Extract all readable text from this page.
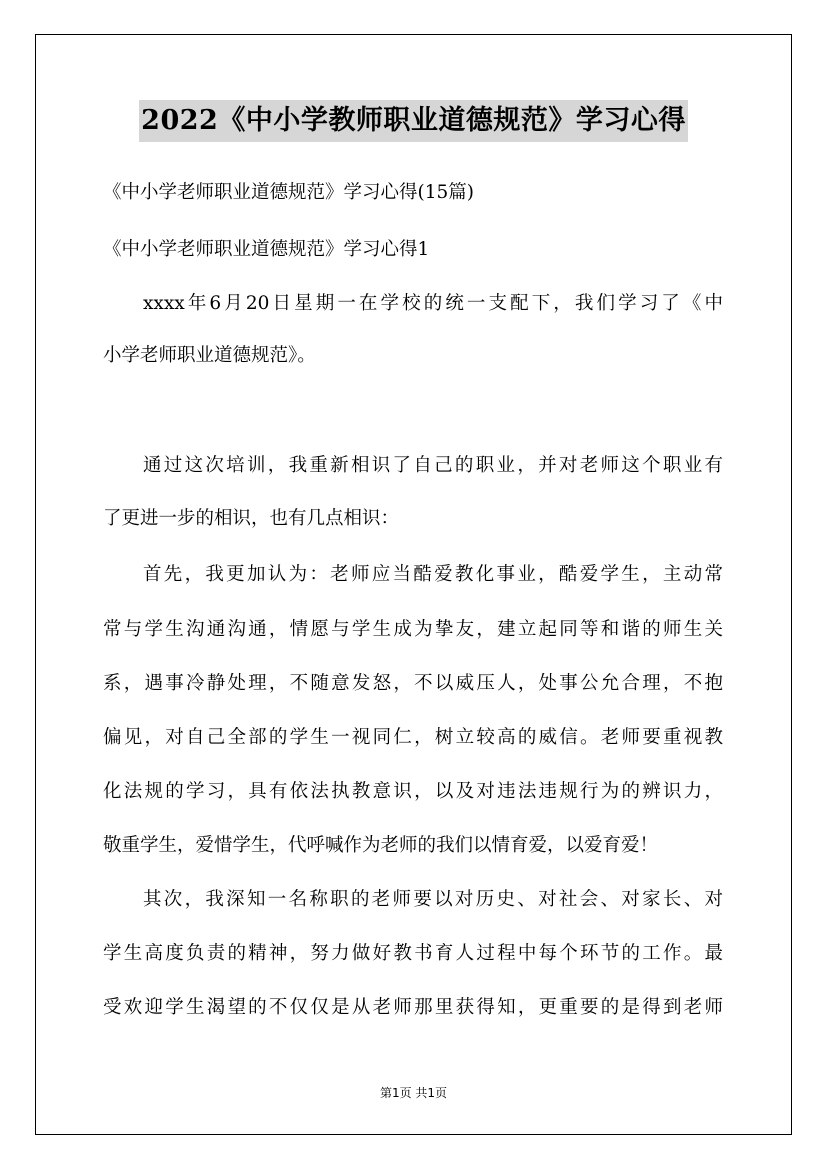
2022《中小学教师职业道德规范》学习心得
《中小学老师职业道德规范》学习心得(15篇)
《中小学老师职业道德规范》学习心得1
xxxx年6月20日星期一在学校的统一支配下，我们学习了《中
小学老师职业道德规范》。
通过这次培训，我重新相识了自己的职业，并对老师这个职业有
了更进一步的相识，也有几点相识：
首先，我更加认为：老师应当酷爱教化事业，酷爱学生，主动常
常与学生沟通沟通，情愿与学生成为挚友，建立起同等和谐的师生关
系，遇事冷静处理，不随意发怒，不以威压人，处事公允合理，不抱
偏见，对自己全部的学生一视同仁，树立较高的威信。老师要重视教
化法规的学习，具有依法执教意识，以及对违法违规行为的辨识力，
敬重学生，爱惜学生，代呼喊作为老师的我们以情育爱，以爱育爱！
其次，我深知一名称职的老师要以对历史、对社会、对家长、对
学生高度负责的精神，努力做好教书育人过程中每个环节的工作。最
受欢迎学生渴望的不仅仅是从老师那里获得知，更重要的是得到老师
第1页 共1页
